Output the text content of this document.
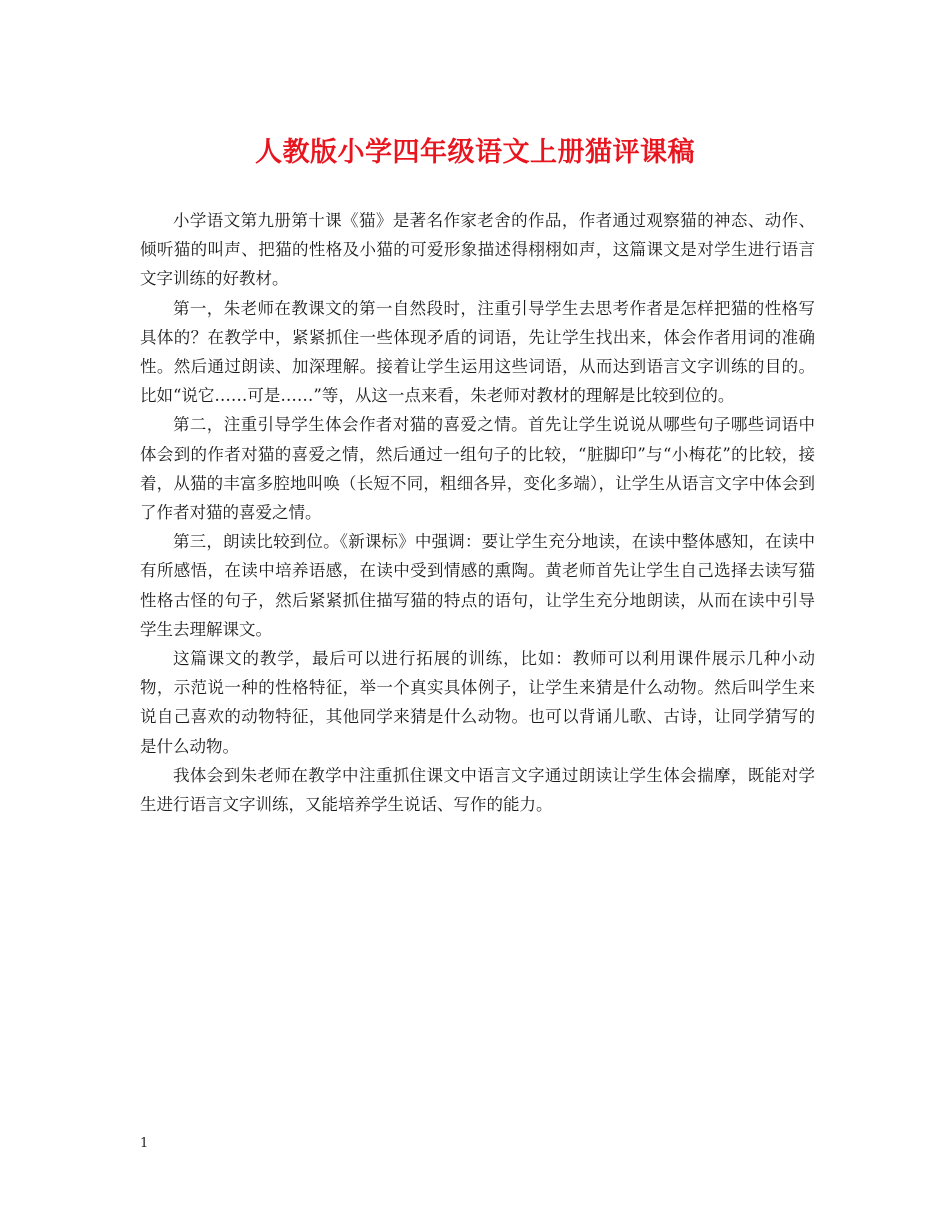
人教版小学四年级语文上册猫评课稿

小学语文第九册第十课《猫》是著名作家老舍的作品，作者通过观察猫的神态、动作、倾听猫的叫声、把猫的性格及小猫的可爱形象描述得栩栩如声，这篇课文是对学生进行语言文字训练的好教材。

第一，朱老师在教课文的第一自然段时，注重引导学生去思考作者是怎样把猫的性格写具体的？在教学中，紧紧抓住一些体现矛盾的词语，先让学生找出来，体会作者用词的准确性。然后通过朗读、加深理解。接着让学生运用这些词语，从而达到语言文字训练的目的。比如“说它……可是……”等，从这一点来看，朱老师对教材的理解是比较到位的。

第二，注重引导学生体会作者对猫的喜爱之情。首先让学生说说从哪些句子哪些词语中体会到的作者对猫的喜爱之情，然后通过一组句子的比较，“脏脚印”与“小梅花”的比较，接着，从猫的丰富多腔地叫唤（长短不同，粗细各异，变化多端），让学生从语言文字中体会到了作者对猫的喜爱之情。

第三，朗读比较到位。《新课标》中强调：要让学生充分地读，在读中整体感知，在读中有所感悟，在读中培养语感，在读中受到情感的熏陶。黄老师首先让学生自己选择去读写猫性格古怪的句子，然后紧紧抓住描写猫的特点的语句，让学生充分地朗读，从而在读中引导学生去理解课文。

这篇课文的教学，最后可以进行拓展的训练，比如：教师可以利用课件展示几种小动物，示范说一种的性格特征，举一个真实具体例子，让学生来猜是什么动物。然后叫学生来说自己喜欢的动物特征，其他同学来猜是什么动物。也可以背诵儿歌、古诗，让同学猜写的是什么动物。

我体会到朱老师在教学中注重抓住课文中语言文字通过朗读让学生体会揣摩，既能对学生进行语言文字训练，又能培养学生说话、写作的能力。

1
